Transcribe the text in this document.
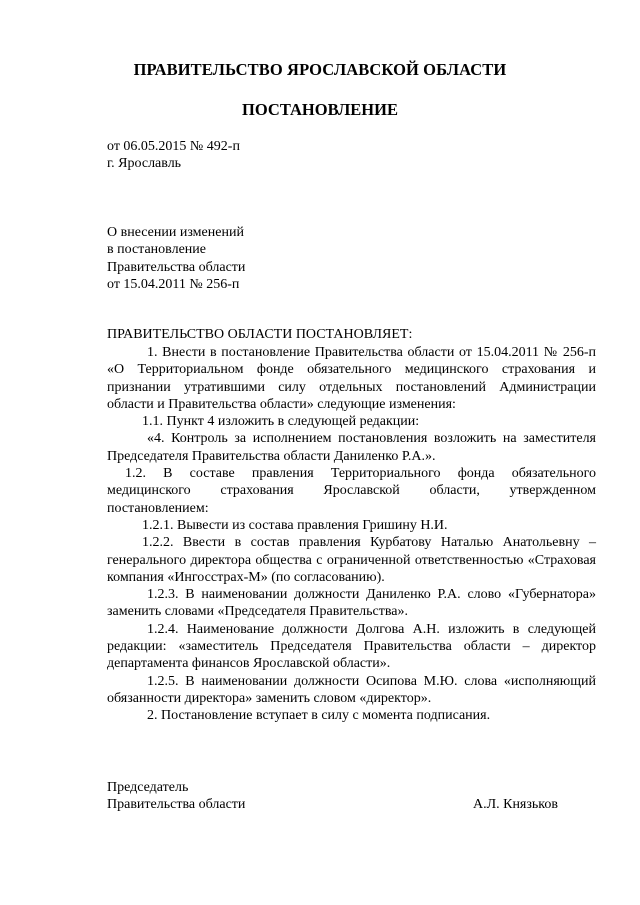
ПРАВИТЕЛЬСТВО ЯРОСЛАВСКОЙ ОБЛАСТИ
ПОСТАНОВЛЕНИЕ
от 06.05.2015 № 492-п
г. Ярославль
О внесении изменений
в постановление
Правительства области
от 15.04.2011 № 256-п
ПРАВИТЕЛЬСТВО ОБЛАСТИ ПОСТАНОВЛЯЕТ:

1. Внести в постановление Правительства области от 15.04.2011 № 256-п «О Территориальном фонде обязательного медицинского страхования и признании утратившими силу отдельных постановлений Администрации области и Правительства области» следующие изменения:

1.1. Пункт 4 изложить в следующей редакции:

«4. Контроль за исполнением постановления возложить на заместителя Председателя Правительства области Даниленко Р.А.».

1.2. В составе правления Территориального фонда обязательного медицинского страхования Ярославской области, утвержденном постановлением:

1.2.1. Вывести из состава правления Гришину Н.И.

1.2.2. Ввести в состав правления Курбатову Наталью Анатольевну – генерального директора общества с ограниченной ответственностью «Страховая компания «Ингосстрах-М» (по согласованию).

1.2.3. В наименовании должности Даниленко Р.А. слово «Губернатора» заменить словами «Председателя Правительства».

1.2.4. Наименование должности Долгова А.Н. изложить в следующей редакции: «заместитель Председателя Правительства области – директор департамента финансов Ярославской области».

1.2.5. В наименовании должности Осипова М.Ю. слова «исполняющий обязанности директора» заменить словом «директор».

2. Постановление вступает в силу с момента подписания.

Председатель
Правительства области	А.Л. Князьков
